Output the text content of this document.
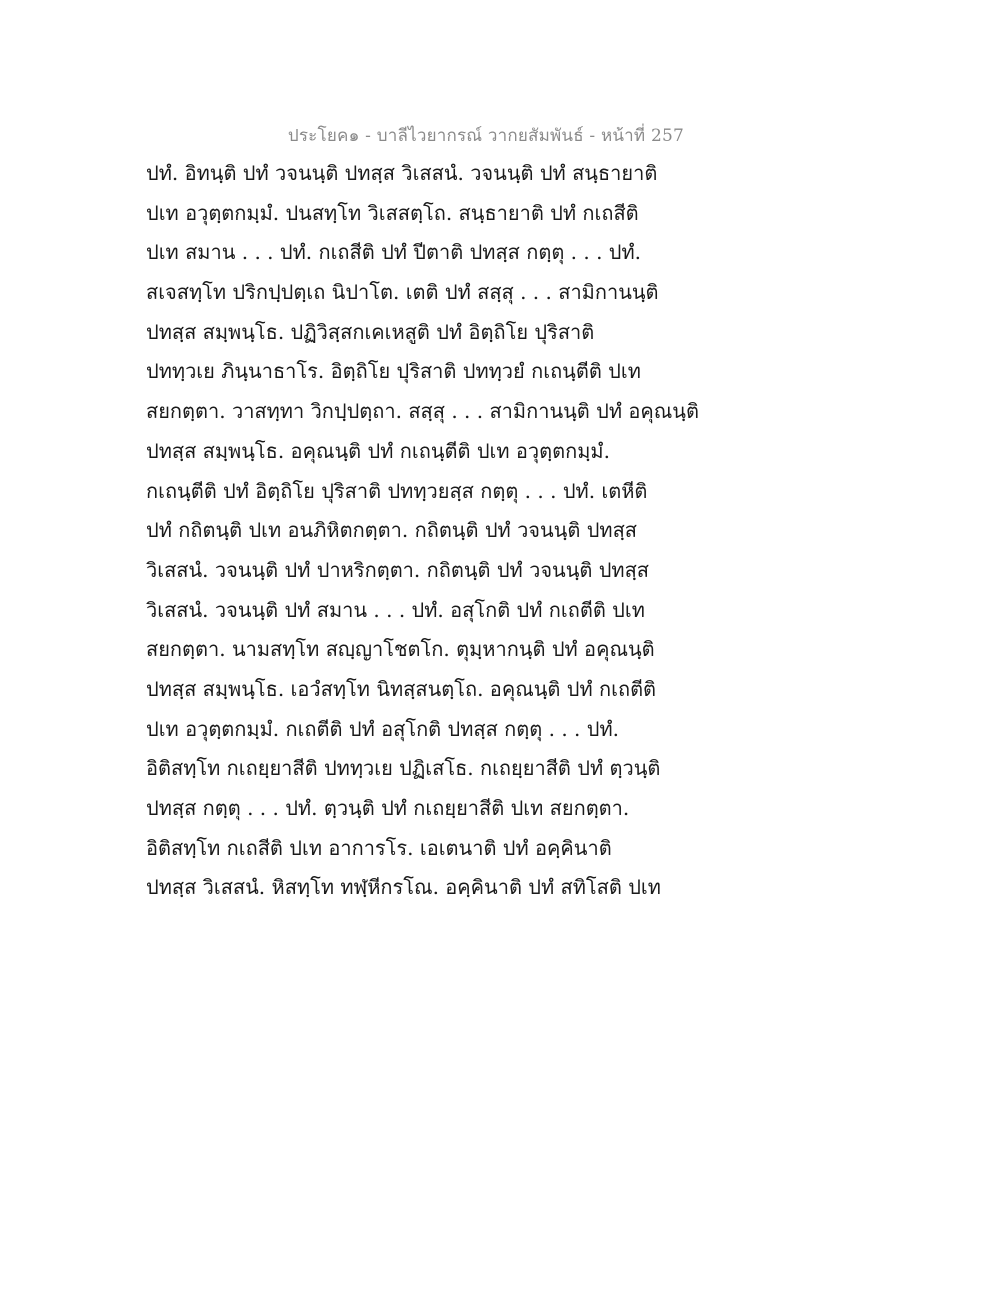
ประโยค๑ - บาลีไวยากรณ์ วากยสัมพันธ์ - หน้าที่ 257
ปทํ. อิทนฺติ ปทํ วจนนฺติ ปทสฺส วิเสสนํ. วจนนฺติ ปทํ สนฺธายาติ
ปเท อวุตฺตกมฺมํ. ปนสทฺโท วิเสสตฺโถ. สนฺธายาติ ปทํ กเถสีติ
ปเท สมาน . . . ปทํ. กเถสีติ ปทํ ปีตาติ ปทสฺส กตฺตุ . . . ปทํ.
สเจสทฺโท ปริกปฺปตฺเถ นิปาโต. เตติ ปทํ สสฺสุ . . . สามิกานนฺติ
ปทสฺส สมฺพนฺโธ. ปฏิวิสฺสกเคเหสูติ ปทํ อิตฺถิโย ปุริสาติ
ปททฺวเย ภินฺนาธาโร. อิตฺถิโย ปุริสาติ ปททฺวยํ กเถนฺตีติ ปเท
สยกตฺตา. วาสทฺทา วิกปฺปตฺถา. สสฺสุ . . . สามิกานนฺติ ปทํ อคุณนฺติ
ปทสฺส สมฺพนฺโธ. อคุณนฺติ ปทํ กเถนฺตีติ ปเท อวุตฺตกมฺมํ.
กเถนฺตีติ ปทํ อิตฺถิโย ปุริสาติ ปททฺวยสฺส กตฺตุ . . . ปทํ. เตหีติ
ปทํ กถิตนฺติ ปเท อนภิหิตกตฺตา. กถิตนฺติ ปทํ วจนนฺติ ปทสฺส
วิเสสนํ. วจนนฺติ ปทํ ปาหริกตฺตา. กถิตนฺติ ปทํ วจนนฺติ ปทสฺส
วิเสสนํ. วจนนฺติ ปทํ สมาน . . . ปทํ. อสุโกติ ปทํ กเถตีติ ปเท
สยกตฺตา. นามสทฺโท สญฺญาโชตโก. ตุมฺหากนฺติ ปทํ อคุณนฺติ
ปทสฺส สมฺพนฺโธ. เอวํสทฺโท นิทสฺสนตฺโถ. อคุณนฺติ ปทํ กเถตีติ
ปเท อวุตฺตกมฺมํ. กเถตีติ ปทํ อสุโกติ ปทสฺส กตฺตุ . . . ปทํ.
อิติสทฺโท กเถยฺยาสีติ ปททฺวเย ปฏิเสโธ. กเถยฺยาสีติ ปทํ ตฺวนฺติ
ปทสฺส กตฺตุ . . . ปทํ. ตฺวนฺติ ปทํ กเถยฺยาสีติ ปเท สยกตฺตา.
อิติสทฺโท กเถสีติ ปเท อาการโร. เอเตนาติ ปทํ อคฺคินาติ
ปทสฺส วิเสสนํ. หิสทฺโท ทฬฺหีกรโณ. อคฺคินาติ ปทํ สทิโสติ ปเท
